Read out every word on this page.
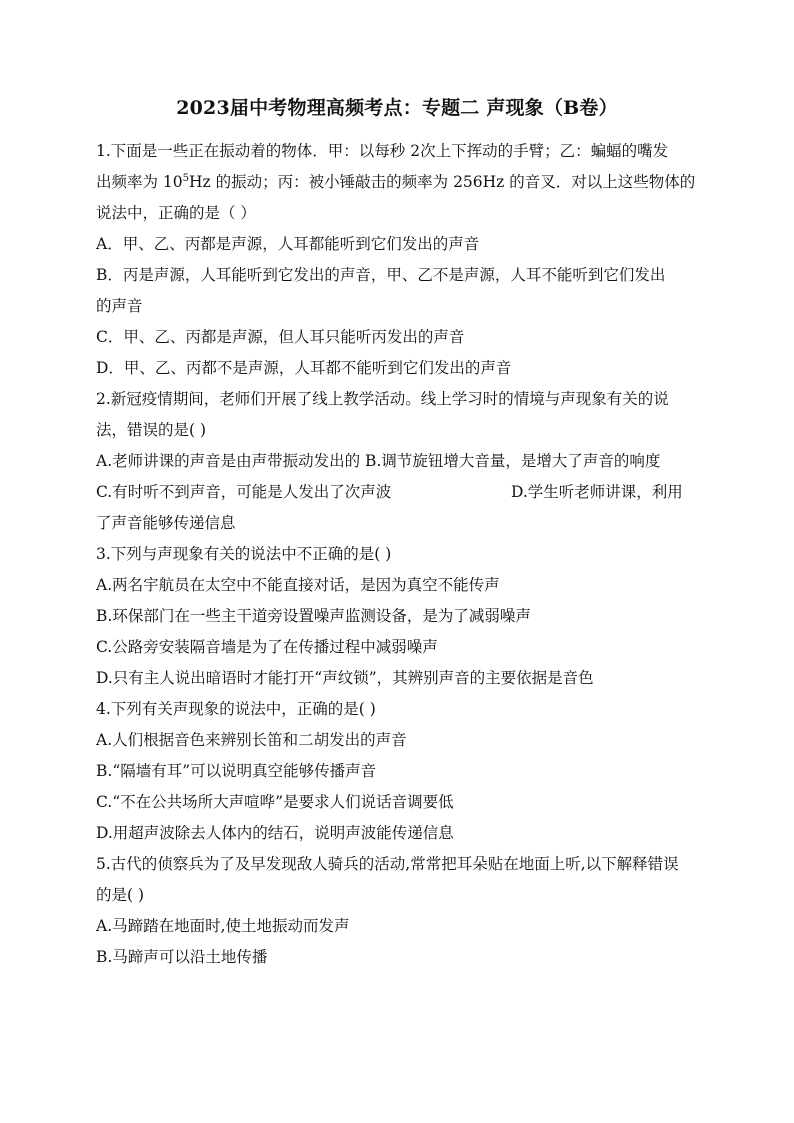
2023届中考物理高频考点：专题二 声现象（B卷）
1.下面是一些正在振动着的物体．甲：以每秒 2次上下挥动的手臂；乙：蝙蝠的嘴发
出频率为 $10^5Hz$ 的振动；丙：被小锤敲击的频率为 256Hz 的音叉．对以上这些物体的
说法中，正确的是（ ）
A．甲、乙、丙都是声源，人耳都能听到它们发出的声音
B．丙是声源，人耳能听到它发出的声音，甲、乙不是声源，人耳不能听到它们发出
的声音
C．甲、乙、丙都是声源，但人耳只能听丙发出的声音
D．甲、乙、丙都不是声源，人耳都不能听到它们发出的声音
2.新冠疫情期间，老师们开展了线上教学活动。线上学习时的情境与声现象有关的说
法，错误的是( )
A.老师讲课的声音是由声带振动发出的 B.调节旋钮增大音量，是增大了声音的响度
C.有时听不到声音，可能是人发出了次声波	D.学生听老师讲课，利用
了声音能够传递信息
3.下列与声现象有关的说法中不正确的是( )
A.两名宇航员在太空中不能直接对话，是因为真空不能传声
B.环保部门在一些主干道旁设置噪声监测设备，是为了减弱噪声
C.公路旁安装隔音墙是为了在传播过程中减弱噪声
D.只有主人说出暗语时才能打开“声纹锁”，其辨别声音的主要依据是音色
4.下列有关声现象的说法中，正确的是( )
A.人们根据音色来辨别长笛和二胡发出的声音
B.“隔墙有耳”可以说明真空能够传播声音
C.“不在公共场所大声喧哗”是要求人们说话音调要低
D.用超声波除去人体内的结石，说明声波能传递信息
5.古代的侦察兵为了及早发现敌人骑兵的活动,常常把耳朵贴在地面上听,以下解释错误
的是( )
A.马蹄踏在地面时,使土地振动而发声
B.马蹄声可以沿土地传播
